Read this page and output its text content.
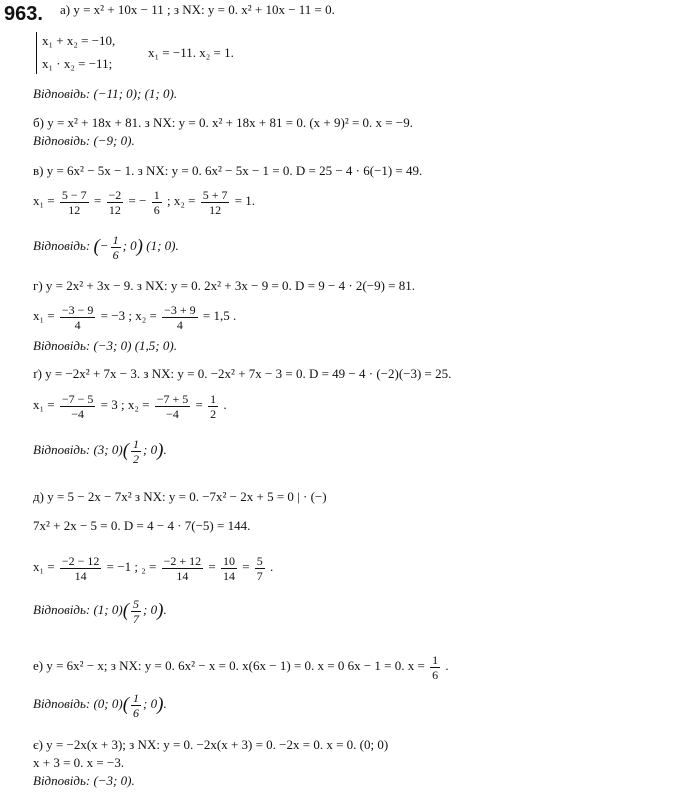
963. а) y = x² + 10x − 11 ; з NX: y = 0. x² + 10x − 11 = 0.
x₁ + x₂ = −10,
x₁ · x₂ = −11;
x₁ = −11. x₂ = 1.
Відповідь: (−11; 0); (1; 0).
б) y = x² + 18x + 81. з NX: y = 0. x² + 18x + 81 = 0. (x + 9)² = 0. x = −9.
Відповідь: (−9; 0).
в) y = 6x² − 5x − 1. з NX: y = 0. 6x² − 5x − 1 = 0. D = 25 − 4 · 6(−1) = 49.
$x_1 = \frac{5 - 7}{12} = \frac{-2}{12}$ = − $\frac{1}{6}$ ; $x_2 = \frac{5 + 7}{12} = 1$.
Відповідь: (− $\frac{1}{6}$ ; 0) (1; 0).
г) y = 2x² + 3x − 9. з NX: y = 0. 2x² + 3x − 9 = 0. D = 9 − 4 · 2(−9) = 81.
$x_1 = \frac{-3 - 9}{4} = -3$ ; $x_2 = \frac{-3 + 9}{4} = 1,5$ .
Відповідь: (−3; 0) (1,5; 0).
ґ) y = −2x² + 7x − 3. з NX: y = 0. −2x² + 7x − 3 = 0. D = 49 − 4 · (−2)(−3) = 25.
$x_1 = \frac{-7 - 5}{-4} = 3$ ; $x_2 = \frac{-7 + 5}{-4} = \frac{1}{2}$ .
Відповідь: (3; $0)( \frac{1}{2}$ ; 0).
д) y = 5 − 2x − 7x² з NX: y = 0. −7x² − 2x + 5 = 0 | · (−)
7x² + 2x − 5 = 0. D = 4 − 4 · 7(−5) = 144.
$x_1 = \frac{-2 - 12}{14} = -1$ ; $_2 = \frac{-2 + 12}{14} = \frac{10}{14} = \frac{5}{7}$ .
Відповідь: (1; $0)( \frac{5}{7}$ ; 0).
е) y = 6x² − x; з NX: y = 0. 6x² − x = 0. x(6x − 1) = 0. x = 0 6x − 1 = 0. $x = \frac{1}{6}$ .
Відповідь: (0; $0)( \frac{1}{6}$ ; 0).
є) y = −2x(x + 3); з NX: y = 0. −2x(x + 3) = 0. −2x = 0. x = 0. (0; 0)
x + 3 = 0. x = −3.
Відповідь: (−3; 0).
